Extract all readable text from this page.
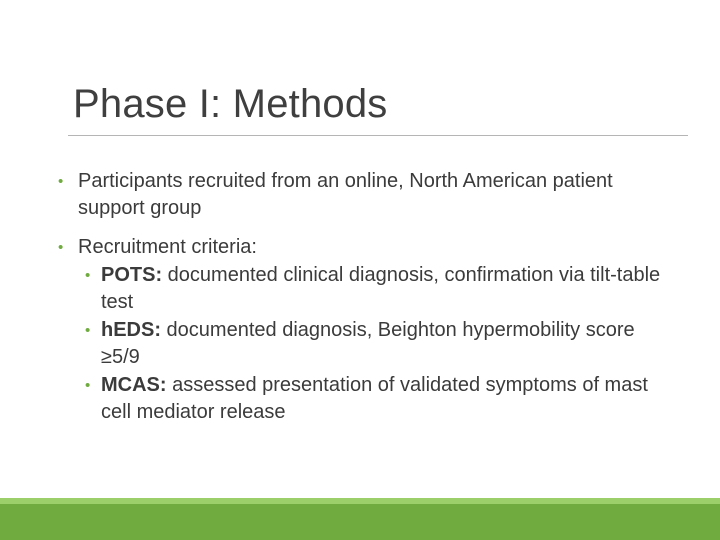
Phase I: Methods
• Participants recruited from an online, North American patient support group
• Recruitment criteria:
• POTS: documented clinical diagnosis, confirmation via tilt-table test
• hEDS: documented diagnosis, Beighton hypermobility score ≥5/9
• MCAS: assessed presentation of validated symptoms of mast cell mediator release
